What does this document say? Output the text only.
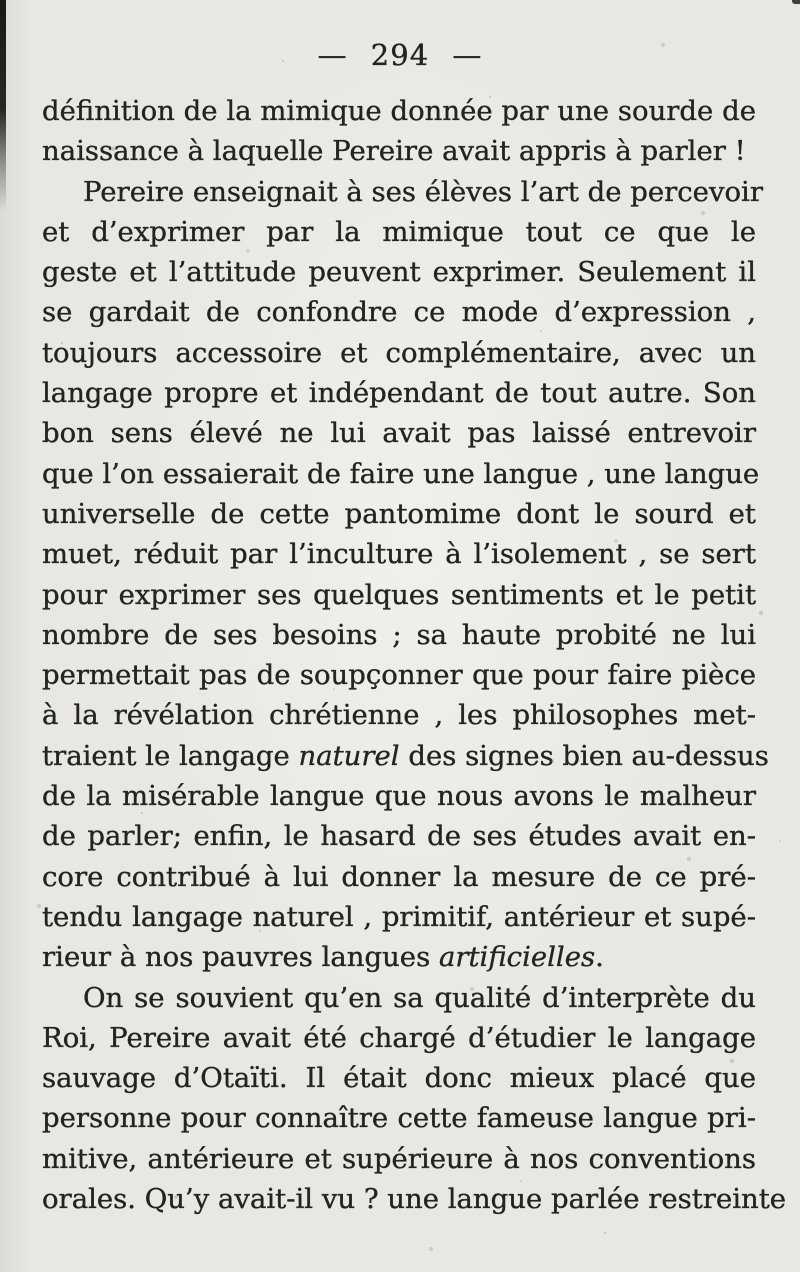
— 294 —
définition de la mimique donnée par une sourde de
naissance à laquelle Pereire avait appris à parler !
Pereire enseignait à ses élèves l’art de percevoir
et d’exprimer par la mimique tout ce que le
geste et l’attitude peuvent exprimer. Seulement il
se gardait de confondre ce mode d’expression ,
toujours accessoire et complémentaire, avec un
langage propre et indépendant de tout autre. Son
bon sens élevé ne lui avait pas laissé entrevoir
que l’on essaierait de faire une langue , une langue
universelle de cette pantomime dont le sourd et
muet, réduit par l’inculture à l’isolement , se sert
pour exprimer ses quelques sentiments et le petit
nombre de ses besoins ; sa haute probité ne lui
permettait pas de soupçonner que pour faire pièce
à la révélation chrétienne , les philosophes met-
traient le langage naturel des signes bien au-dessus
de la misérable langue que nous avons le malheur
de parler; enfin, le hasard de ses études avait en-
core contribué à lui donner la mesure de ce pré-
tendu langage naturel , primitif, antérieur et supé-
rieur à nos pauvres langues artificielles.
On se souvient qu’en sa qualité d’interprète du
Roi, Pereire avait été chargé d’étudier le langage
sauvage d’Otaïti. Il était donc mieux placé que
personne pour connaître cette fameuse langue pri-
mitive, antérieure et supérieure à nos conventions
orales. Qu’y avait-il vu ? une langue parlée restreinte
